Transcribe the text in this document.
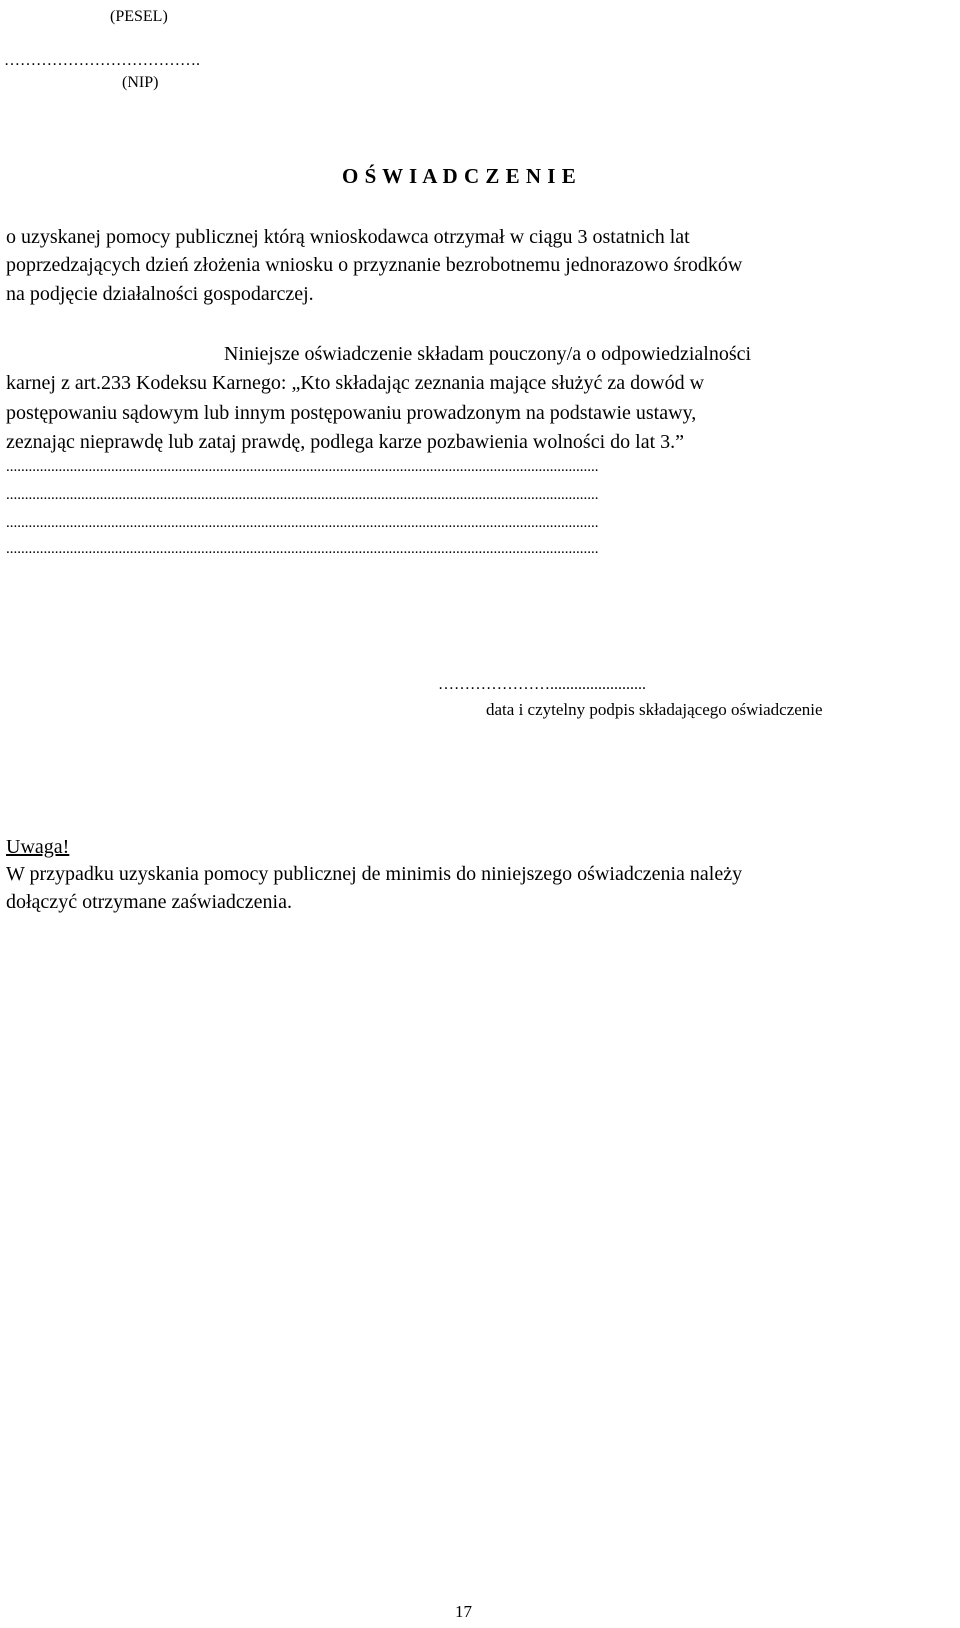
(PESEL)
……………………………….
(NIP)
O Ś W I A D C Z E N I E
o uzyskanej pomocy publicznej którą wnioskodawca otrzymał w ciągu 3 ostatnich lat
poprzedzających dzień złożenia wniosku o przyznanie bezrobotnemu jednorazowo środków
na podjęcie działalności gospodarczej.
Niniejsze oświadczenie składam pouczony/a o odpowiedzialności
karnej z art.233 Kodeksu Karnego: „Kto składając zeznania mające służyć za dowód w
postępowaniu sądowym lub innym postępowaniu prowadzonym na podstawie ustawy,
zeznając nieprawdę lub zataj prawdę, podlega karze pozbawienia wolności do lat 3.”
..............................................................................................................................................................
..............................................................................................................................................................
..............................................................................................................................................................
..............................................................................................................................................................
…………………........................
data i czytelny podpis składającego oświadczenie
Uwaga!
W przypadku uzyskania pomocy publicznej de minimis do niniejszego oświadczenia należy
dołączyć otrzymane zaświadczenia.
17
